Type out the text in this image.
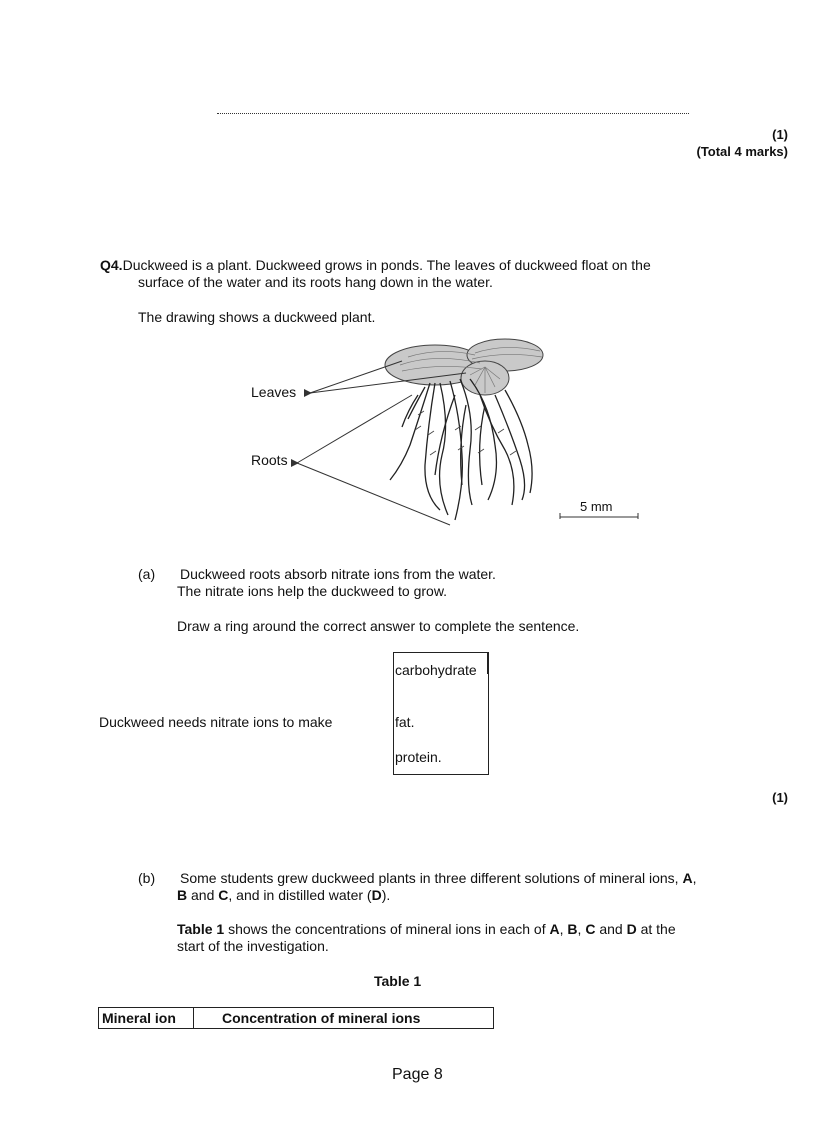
(1)
(Total 4 marks)
Q4.Duckweed is a plant. Duckweed grows in ponds. The leaves of duckweed float on the
surface of the water and its roots hang down in the water.
The drawing shows a duckweed plant.
Leaves
Roots
5 mm
(a) Duckweed roots absorb nitrate ions from the water.
The nitrate ions help the duckweed to grow.
Draw a ring around the correct answer to complete the sentence.
Duckweed needs nitrate ions to make
carbohydrate
fat.
protein.
(1)
(b) Some students grew duckweed plants in three different solutions of mineral ions, A,
B and C, and in distilled water (D).
Table 1 shows the concentrations of mineral ions in each of A, B, C and D at the
start of the investigation.
Table 1
Mineral ion	Concentration of mineral ions
Page 8
